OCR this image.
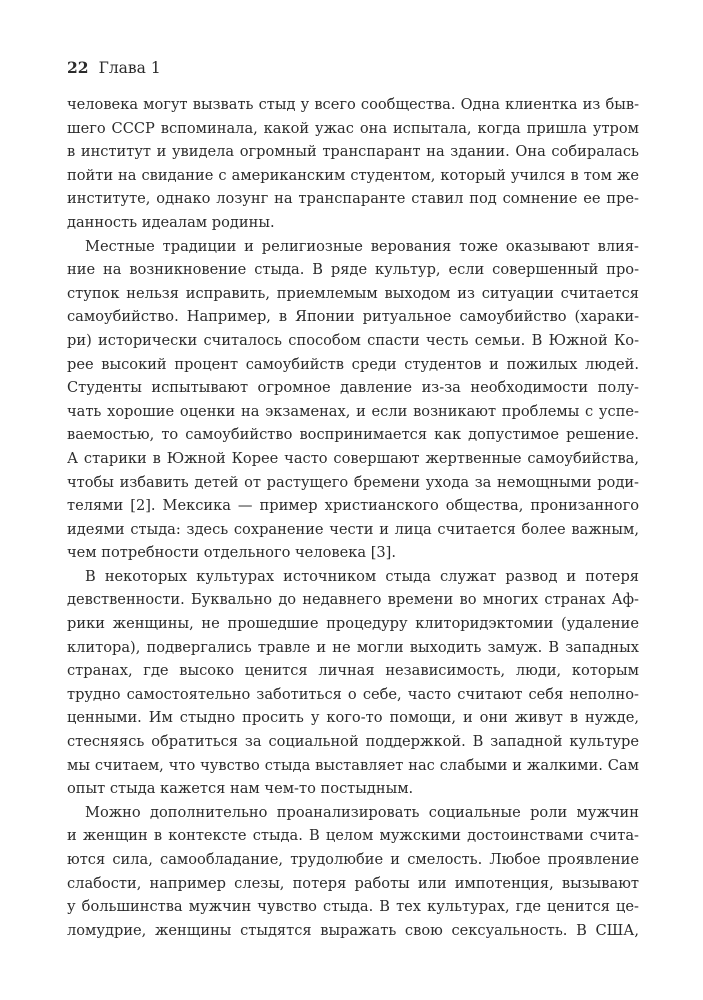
22 Глава 1
человека могут вызвать стыд у всего сообщества. Одна клиентка из быв-
шего СССР вспоминала, какой ужас она испытала, когда пришла утром
в институт и увидела огромный транспарант на здании. Она собиралась
пойти на свидание с американским студентом, который учился в том же
институте, однако лозунг на транспаранте ставил под сомнение ее пре-
данность идеалам родины.
Местные традиции и религиозные верования тоже оказывают влия-
ние на возникновение стыда. В ряде культур, если совершенный про-
ступок нельзя исправить, приемлемым выходом из ситуации считается
самоубийство. Например, в Японии ритуальное самоубийство (харaки-
ри) исторически считалось способом спасти честь семьи. В Южной Ко-
рее высокий процент самоубийств среди студентов и пожилых людей.
Студенты испытывают огромное давление из-за необходимости полу-
чать хорошие оценки на экзаменах, и если возникают проблемы с успе-
ваемостью, то самоубийство воспринимается как допустимое решение.
А старики в Южной Корее часто совершают жертвенные самоубийства,
чтобы избавить детей от растущего бремени ухода за немощными роди-
телями [2]. Мексика — пример христианского общества, пронизанного
идеями стыда: здесь сохранение чести и лица считается более важным,
чем потребности отдельного человека [3].
В некоторых культурах источником стыда служат развод и потеря
девственности. Буквально до недавнего времени во многих странах Аф-
рики женщины, не прошедшие процедуру клиторидэктомии (удаление
клитора), подвергались травле и не могли выходить замуж. В западных
странах, где высоко ценится личная независимость, люди, которым
трудно самостоятельно заботиться о себе, часто считают себя неполно-
ценными. Им стыдно просить у кого-то помощи, и они живут в нужде,
стесняясь обратиться за социальной поддержкой. В западной культуре
мы считаем, что чувство стыда выставляет нас слабыми и жалкими. Сам
опыт стыда кажется нам чем-то постыдным.
Можно дополнительно проанализировать социальные роли мужчин
и женщин в контексте стыда. В целом мужскими достоинствами счита-
ются сила, самообладание, трудолюбие и смелость. Любое проявление
слабости, например слезы, потеря работы или импотенция, вызывают
у большинства мужчин чувство стыда. В тех культурах, где ценится це-
ломудрие, женщины стыдятся выражать свою сексуальность. В США,
